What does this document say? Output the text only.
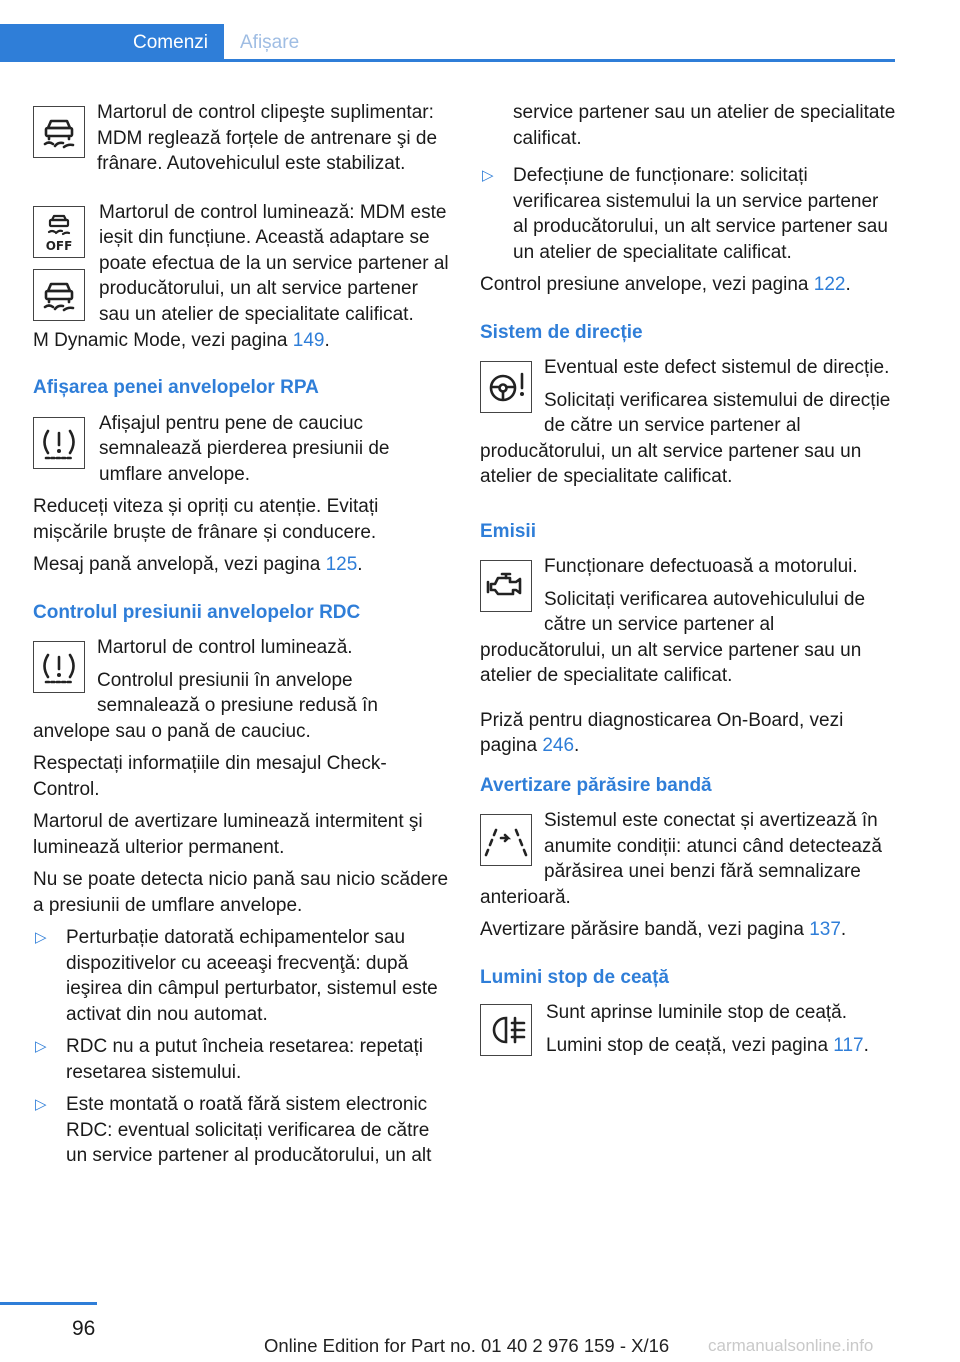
Comenzi	Afișare

Martorul de control clipeşte suplimentar: MDM reglează forțele de antrenare şi de frânare. Autovehiculul este stabilizat.

OFF

Martorul de control luminează: MDM este ieșit din funcțiune. Această adaptare se poate efectua de la un service partener al producătorului, un alt service partener sau un atelier de specialitate calificat.

M Dynamic Mode, vezi pagina 149.

Afișarea penei anvelopelor RPA

Afișajul pentru pene de cauciuc semnalează pierderea presiunii de umflare anvelope.

Reduceți viteza și opriți cu atenție. Evitați mișcările bruște de frânare și conducere.

Mesaj pană anvelopă, vezi pagina 125.

Controlul presiunii anvelopelor RDC

Martorul de control luminează.

Controlul presiunii în anvelope semnalează o presiune redusă în anvelope sau o pană de cauciuc.

Respectați informațiile din mesajul Check-Control.

Martorul de avertizare luminează intermitent şi luminează ulterior permanent.

Nu se poate detecta nicio pană sau nicio scădere a presiunii de umflare anvelope.

▷ Perturbație datorată echipamentelor sau dispozitivelor cu aceeaşi frecvenţă: după ieşirea din câmpul perturbator, sistemul este activat din nou automat.
▷ RDC nu a putut încheia resetarea: repetați resetarea sistemului.
▷ Este montată o roată fără sistem electronic RDC: eventual solicitați verificarea de către un service partener al producătorului, un alt

service partener sau un atelier de specialitate calificat.

▷ Defecțiune de funcționare: solicitați verificarea sistemului la un service partener al producătorului, un alt service partener sau un atelier de specialitate calificat.

Control presiune anvelope, vezi pagina 122.

Sistem de direcție

Eventual este defect sistemul de direcție.

Solicitați verificarea sistemului de direcție de către un service partener al producătorului, un alt service partener sau un atelier de specialitate calificat.

Emisii

Funcționare defectuoasă a motorului.

Solicitați verificarea autovehiculului de către un service partener al producătorului, un alt service partener sau un atelier de specialitate calificat.

Priză pentru diagnosticarea On-Board, vezi pagina 246.

Avertizare părăsire bandă

Sistemul este conectat și avertizează în anumite condiții: atunci când detectează părăsirea unei benzi fără semnalizare anterioară.

Avertizare părăsire bandă, vezi pagina 137.

Lumini stop de ceață

Sunt aprinse luminile stop de ceață.

Lumini stop de ceață, vezi pagina 117.

96
Online Edition for Part no. 01 40 2 976 159 - X/16 carmanualsonline.info
